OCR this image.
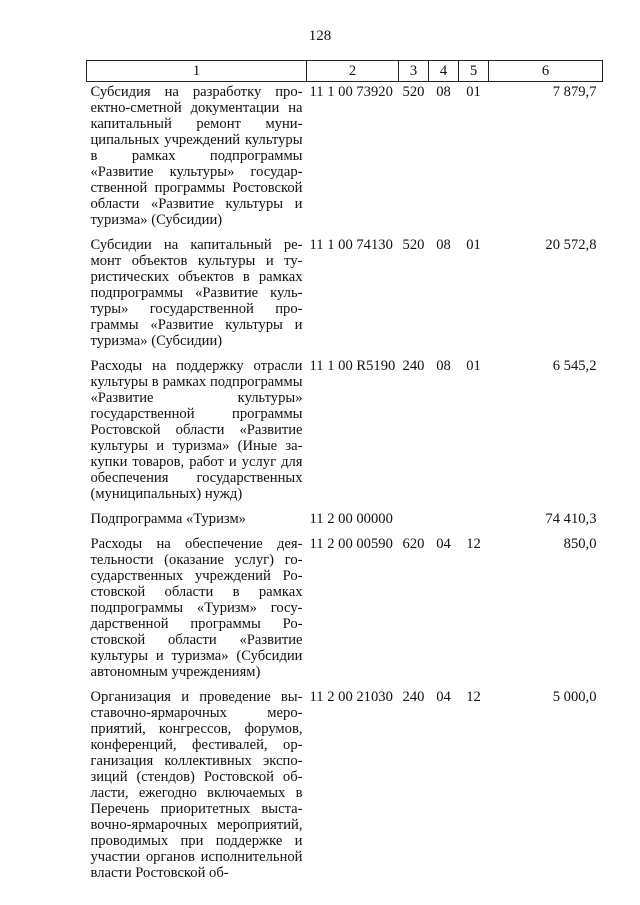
128
1	2	3	4	5	6
Субсидия на разработку проектно-сметной документации на капитальный ремонт муниципальных учреждений культуры в рамках подпрограммы «Развитие культуры» государственной программы Ростовской области «Развитие культуры и туризма» (Субсидии)	11 1 00 73920	520	08	01	7 879,7
Субсидии на капитальный ремонт объектов культуры и туристических объектов в рамках подпрограммы «Развитие культуры» государственной программы «Развитие культуры и туризма» (Субсидии)	11 1 00 74130	520	08	01	20 572,8
Расходы на поддержку отрасли культуры в рамках подпрограммы «Развитие культуры» государственной программы Ростовской области «Развитие культуры и туризма» (Иные закупки товаров, работ и услуг для обеспечения государственных (муниципальных) нужд)	11 1 00 R5190	240	08	01	6 545,2
Подпрограмма «Туризм»	11 2 00 00000				74 410,3
Расходы на обеспечение деятельности (оказание услуг) государственных учреждений Ростовской области в рамках подпрограммы «Туризм» государственной программы Ростовской области «Развитие культуры и туризма» (Субсидии автономным учреждениям)	11 2 00 00590	620	04	12	850,0
Организация и проведение выставочно-ярмарочных мероприятий, конгрессов, форумов, конференций, фестивалей, организация коллективных экспозиций (стендов) Ростовской области, ежегодно включаемых в Перечень приоритетных выставочно-ярмарочных мероприятий, проводимых при поддержке и участии органов исполнительной власти Ростовской об-	11 2 00 21030	240	04	12	5 000,0
